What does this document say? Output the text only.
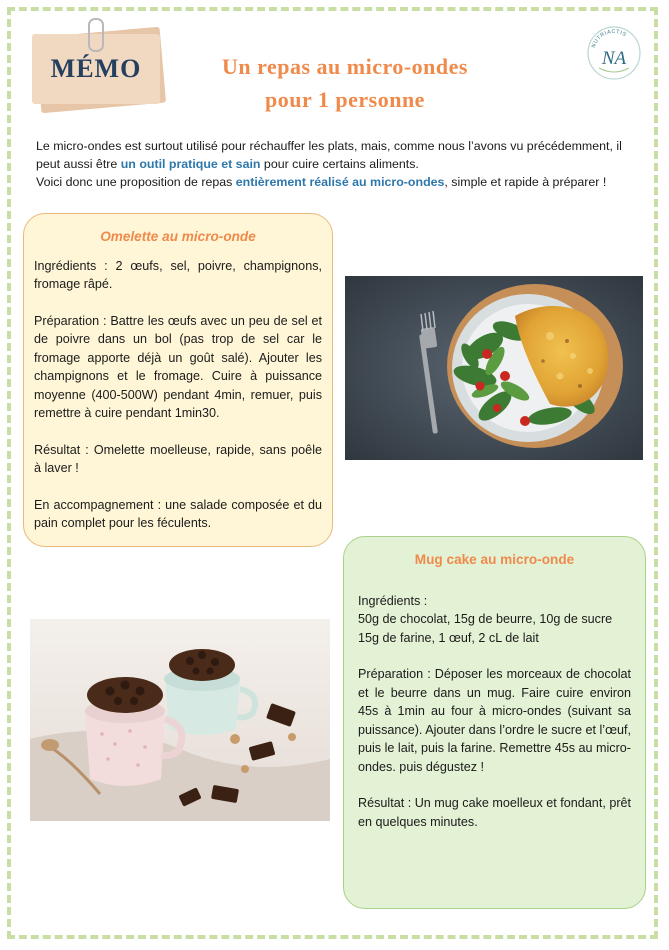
MÉMO	Un repas au micro-ondes
pour 1 personne
NUTRIACTIS
NA

Le micro-ondes est surtout utilisé pour réchauffer les plats, mais, comme nous l’avons vu précédemment, il peut aussi être un outil pratique et sain pour cuire certains aliments.

Voici donc une proposition de repas entièrement réalisé au micro-ondes, simple et rapide à préparer !

Omelette au micro-onde

Ingrédients : 2 œufs, sel, poivre, champignons, fromage râpé.

Préparation : Battre les œufs avec un peu de sel et de poivre dans un bol (pas trop de sel car le fromage apporte déjà un goût salé). Ajouter les champignons et le fromage. Cuire à puissance moyenne (400-500W) pendant 4min, remuer, puis remettre à cuire pendant 1min30.

Résultat : Omelette moelleuse, rapide, sans poêle à laver !

En accompagnement : une salade composée et du pain complet pour les féculents.

Mug cake au micro-onde

Ingrédients :
50g de chocolat, 15g de beurre, 10g de sucre
15g de farine, 1 œuf, 2 cL de lait

Préparation : Déposer les morceaux de chocolat et le beurre dans un mug. Faire cuire environ 45s à 1min au four à micro-ondes (suivant sa puissance). Ajouter dans l’ordre le sucre et l’œuf, puis le lait, puis la farine. Remettre 45s au micro-ondes. puis dégustez !

Résultat : Un mug cake moelleux et fondant, prêt en quelques minutes.
